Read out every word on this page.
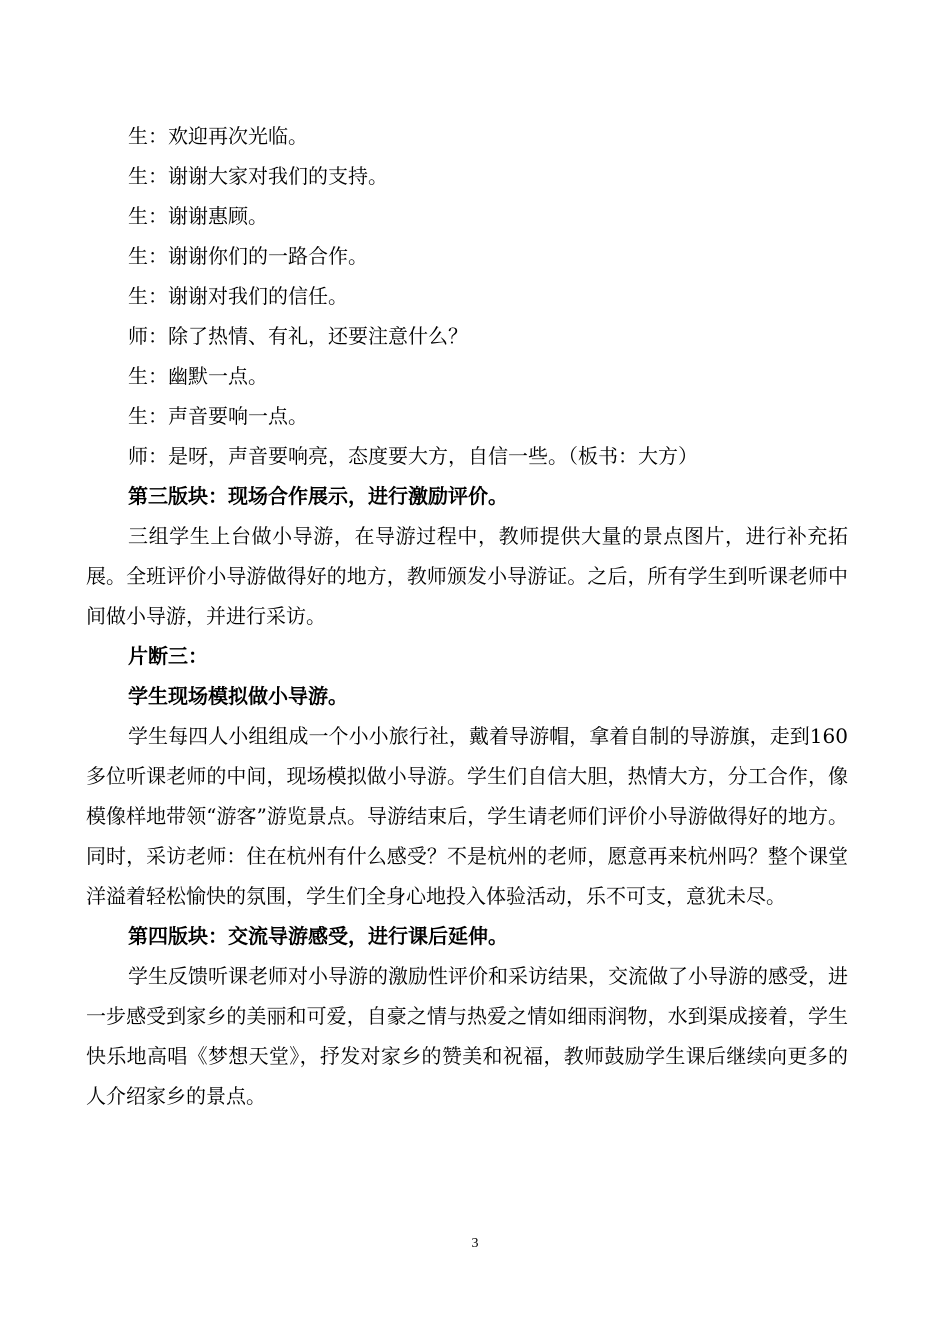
生：欢迎再次光临。
生：谢谢大家对我们的支持。
生：谢谢惠顾。
生：谢谢你们的一路合作。
生：谢谢对我们的信任。
师：除了热情、有礼，还要注意什么？
生：幽默一点。
生：声音要响一点。
师：是呀，声音要响亮，态度要大方，自信一些。（板书：大方）
第三版块：现场合作展示，进行激励评价。

三组学生上台做小导游，在导游过程中，教师提供大量的景点图片，进行补充拓展。全班评价小导游做得好的地方，教师颁发小导游证。之后，所有学生到听课老师中间做小导游，并进行采访。

片断三：
学生现场模拟做小导游。

学生每四人小组组成一个小小旅行社，戴着导游帽，拿着自制的导游旗，走到160多位听课老师的中间，现场模拟做小导游。学生们自信大胆，热情大方，分工合作，像模像样地带领“游客”游览景点。导游结束后，学生请老师们评价小导游做得好的地方。同时，采访老师：住在杭州有什么感受？不是杭州的老师，愿意再来杭州吗？整个课堂洋溢着轻松愉快的氛围，学生们全身心地投入体验活动，乐不可支，意犹未尽。

第四版块：交流导游感受，进行课后延伸。

学生反馈听课老师对小导游的激励性评价和采访结果，交流做了小导游的感受，进一步感受到家乡的美丽和可爱，自豪之情与热爱之情如细雨润物，水到渠成接着，学生快乐地高唱《梦想天堂》，抒发对家乡的赞美和祝福，教师鼓励学生课后继续向更多的人介绍家乡的景点。

3
